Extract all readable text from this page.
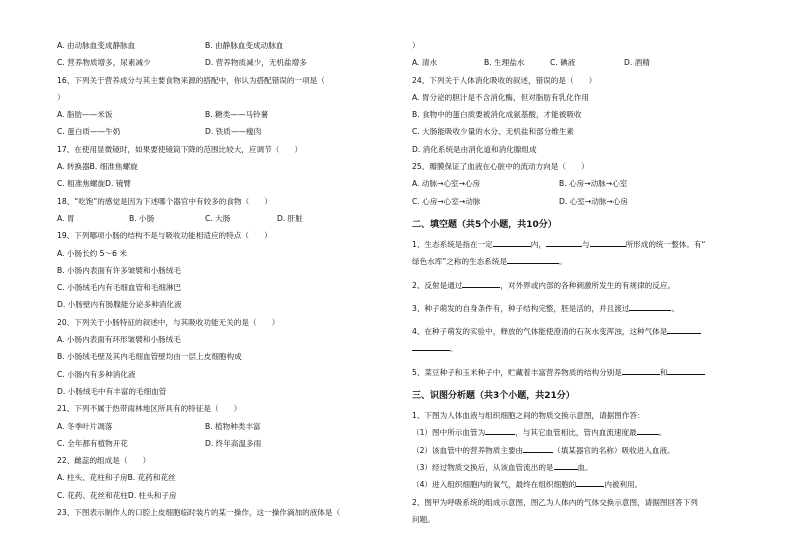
A. 由动脉血变成静脉血	B. 由静脉血变成动脉血
C. 营养物质增多，尿素减少	D. 营养物质减少，无机盐增多
16、下列关于营养成分与其主要食物来源的搭配中，你认为搭配错误的一项是（
）
A. 脂肪——米饭	B. 糖类——马铃薯
C. 蛋白质——牛奶	D. 铁质——瘦肉
17、在使用显微镜时，如果要使镜筒下降的范围比较大，应调节（　　）
A. 转换器B. 细准焦螺旋
C. 粗准焦螺旋D. 镜臂
18、“吃饱”的感觉是因为下述哪个器官中有较多的食物（　　）
A. 胃	B. 小肠	C. 大肠	D. 肝脏
19、下列哪项小肠的结构不是与吸收功能相适应的特点（　　）
A. 小肠长约 5～6 米
B. 小肠内表面有许多皱襞和小肠绒毛
C. 小肠绒毛内有毛细血管和毛细淋巴
D. 小肠壁内有肠腺能分泌多种消化液
20、下列关于小肠特征的叙述中，与其吸收功能无关的是（　　）
A. 小肠内表面有环形皱襞和小肠绒毛
B. 小肠绒毛壁及其内毛细血管壁均由一层上皮细胞构成
C. 小肠内有多种消化液
D. 小肠绒毛中有丰富的毛细血管
21、下列不属于热带雨林地区所具有的特征是（　　）
A. 冬季叶片凋落	B. 植物种类丰富
C. 全年都有植物开花	D. 终年高温多雨
22、雌蕊的组成是（　　）
A. 柱头、花柱和子房B. 花药和花丝
C. 花药、花丝和花柱D. 柱头和子房
23、下图表示制作人的口腔上皮细胞临时装片的某一操作，这一操作滴加的液体是（
）
A. 清水	B. 生理盐水	C. 碘液	D. 酒精
24、下列关于人体消化吸收的叙述，错误的是（　　）
A. 胃分泌的胆汁是不含消化酶，但对脂肪有乳化作用
B. 食物中的蛋白质要被消化成氨基酸，才能被吸收
C. 大肠能吸收少量的水分、无机盐和部分维生素
D. 消化系统是由消化道和消化腺组成
25、瓣膜保证了血液在心脏中的流动方向是（　　）
A. 动脉→心室→心房	B. 心房→动脉→心室
C. 心房→心室→动脉	D. 心室→动脉→心房
二、填空题（共5个小题，共10分）
1、生态系统是指在一定	内，	与	所形成的统一整体。有“
绿色水库”之称的生态系统是	。
2、反射是通过	，对外界或内部的各种刺激所发生的有规律的反应。
3、种子萌发的自身条件有，种子结构完整，胚是活的，并且渡过	。
4、在种子萌发的实验中，释放的气体能使澄清的石灰水变浑浊，这种气体是
。
5、菜豆种子和玉米种子中，贮藏着丰富营养物质的结构分别是	和
三、识图分析题（共3个小题，共21分）
1、下图为人体血液与组织细胞之间的物质交换示意图，请据图作答：
（1）图中所示血管为	，与其它血管相比，管内血流速度最	。
（2）该血管中的营养物质主要由	（填某器官的名称）吸收进入血液。
（3）经过物质交换后，从该血管流出的是	血。
（4）进入组织细胞内的氧气，最终在组织细胞的	内被利用。
2、图甲为呼吸系统的组成示意图，图乙为人体内的气体交换示意图，请据图回答下列
问题。
